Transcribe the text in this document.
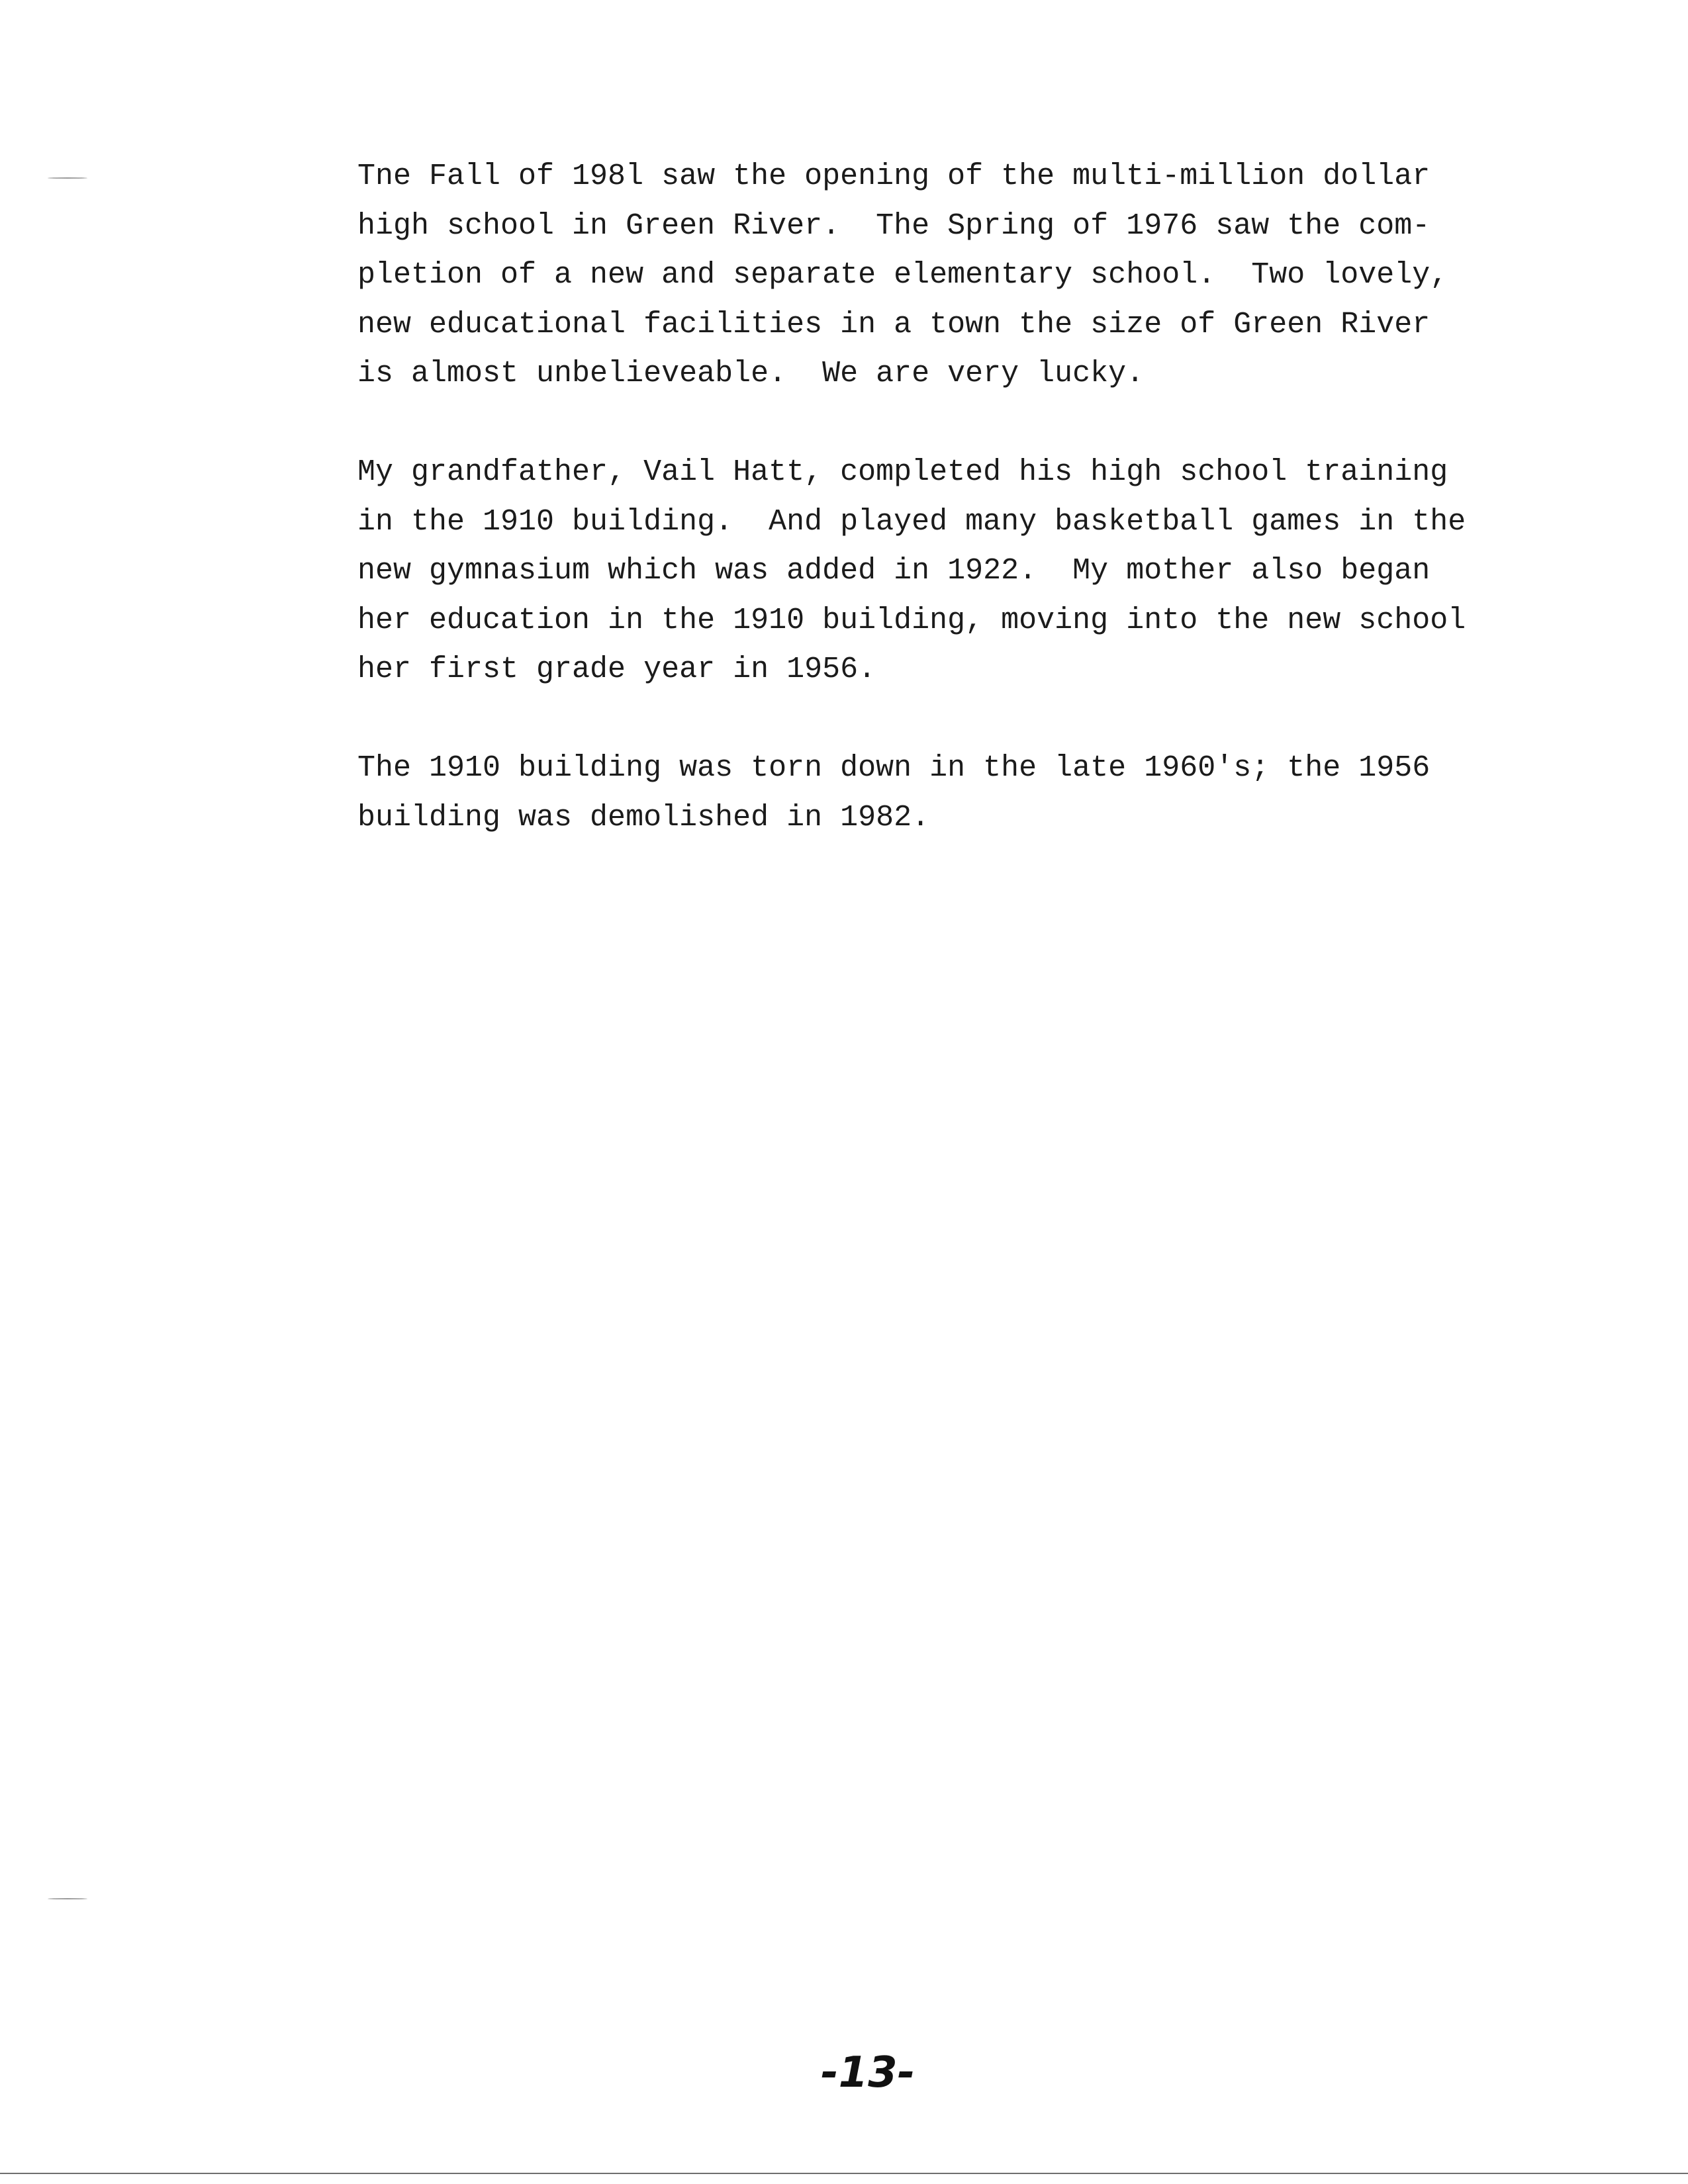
Tne Fall of 198l saw the opening of the multi-million dollar
high school in Green River.  The Spring of 1976 saw the com-
pletion of a new and separate elementary school.  Two lovely,
new educational facilities in a town the size of Green River
is almost unbelieveable.  We are very lucky.

My grandfather, Vail Hatt, completed his high school training
in the 1910 building.  And played many basketball games in the
new gymnasium which was added in 1922.  My mother also began
her education in the 1910 building, moving into the new school
her first grade year in 1956.

The 1910 building was torn down in the late 1960's; the 1956
building was demolished in 1982.

-13-
